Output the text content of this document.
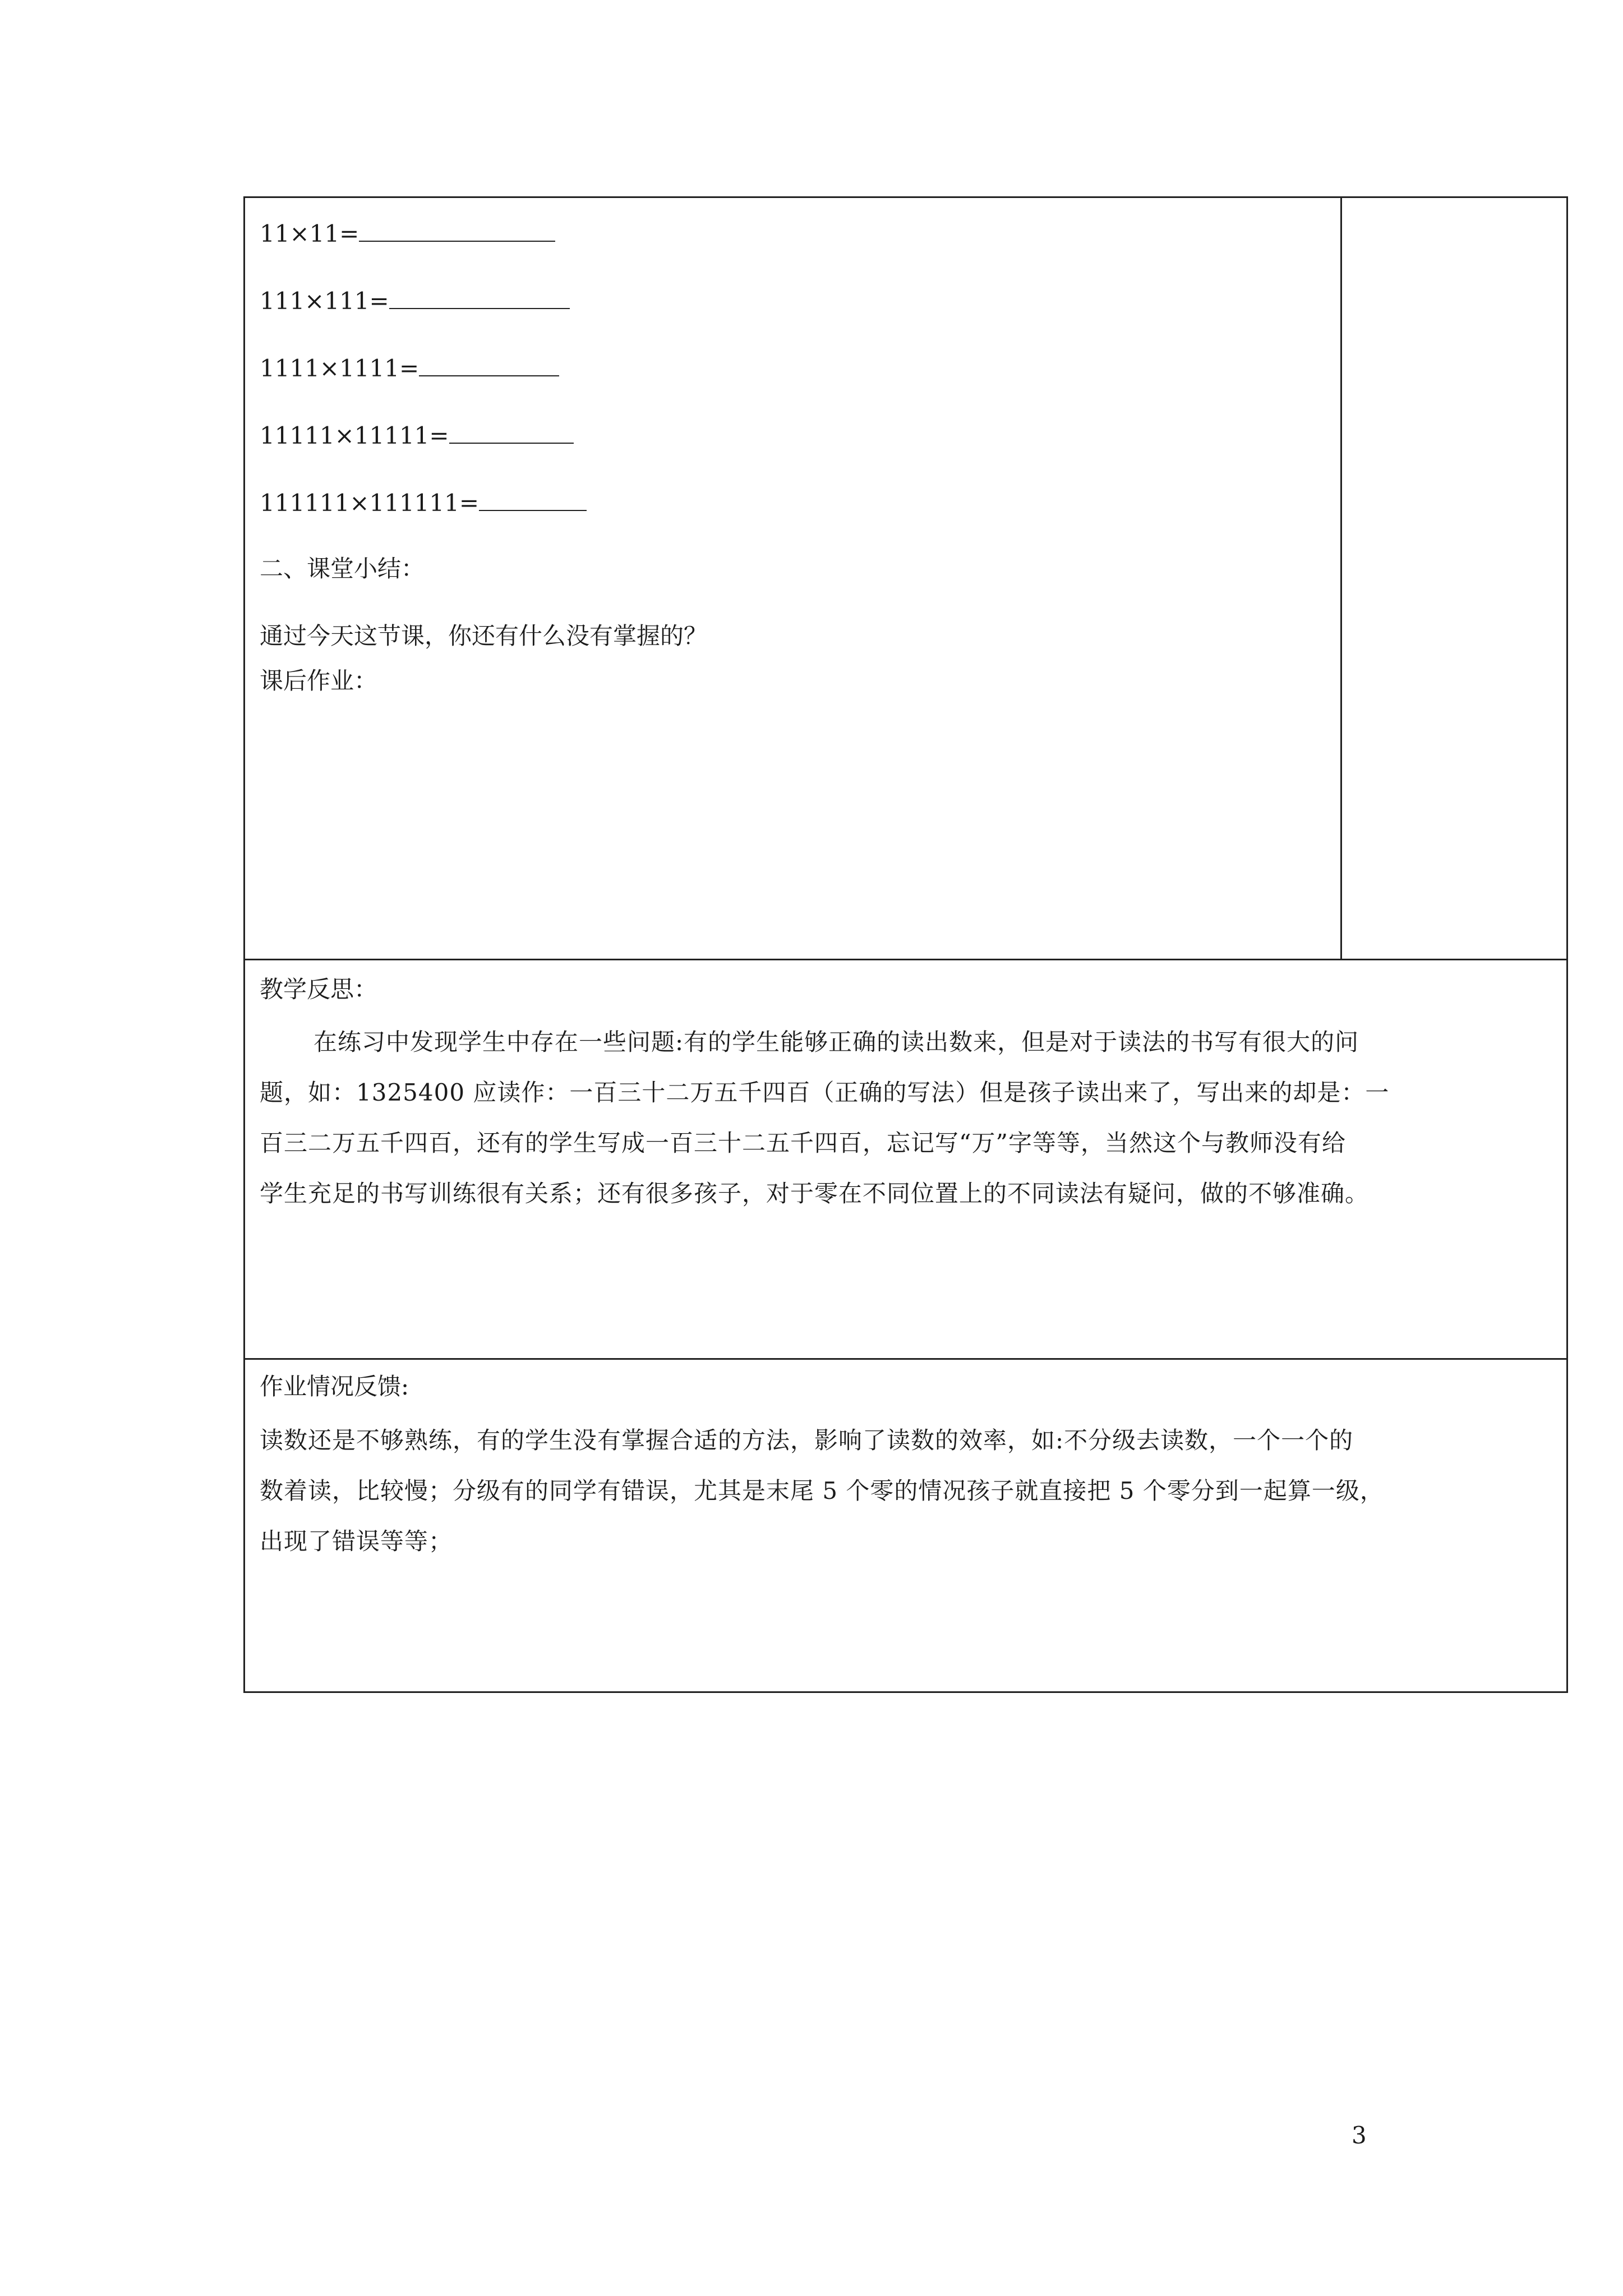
11×11=
111×111=
1111×1111=
11111×11111=
111111×111111=
二、课堂小结：
通过今天这节课，你还有什么没有掌握的？
课后作业：
教学反思：
在练习中发现学生中存在一些问题:有的学生能够正确的读出数来，但是对于读法的书写有很大的问
题，如：1325400 应读作：一百三十二万五千四百（正确的写法）但是孩子读出来了，写出来的却是：一
百三二万五千四百，还有的学生写成一百三十二五千四百，忘记写“万”字等等，当然这个与教师没有给
学生充足的书写训练很有关系；还有很多孩子，对于零在不同位置上的不同读法有疑问，做的不够准确。
作业情况反馈:
读数还是不够熟练，有的学生没有掌握合适的方法，影响了读数的效率，如:不分级去读数，一个一个的
数着读，比较慢；分级有的同学有错误，尤其是末尾 5 个零的情况孩子就直接把 5 个零分到一起算一级，
出现了错误等等；
3
